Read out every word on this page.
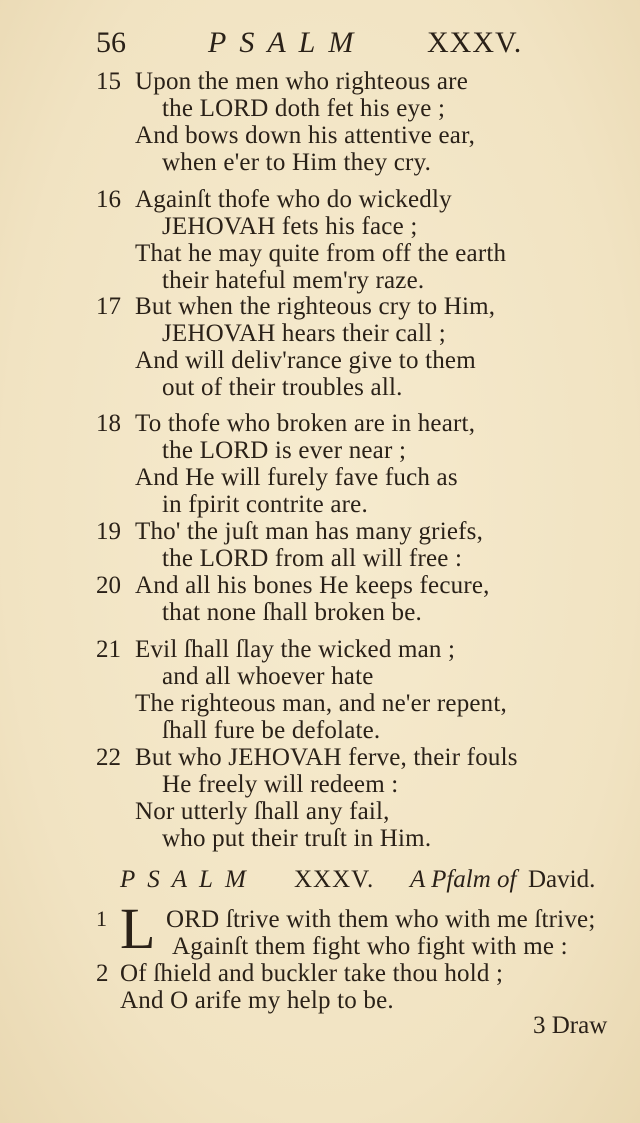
56	PSALM XXXV.
15 Upon the men who righteous are
the LORD doth fet his eye ;
And bows down his attentive ear,
when e'er to Him they cry.
16 Againſt thofe who do wickedly
JEHOVAH fets his face ;
That he may quite from off the earth
their hateful mem'ry raze.
17 But when the righteous cry to Him,
JEHOVAH hears their call ;
And will deliv'rance give to them
out of their troubles all.
18 To thofe who broken are in heart,
the LORD is ever near ;
And He will furely fave fuch as
in fpirit contrite are.
19 Tho' the juſt man has many griefs,
the LORD from all will free :
20 And all his bones He keeps fecure,
that none ſhall broken be.
21 Evil ſhall ſlay the wicked man ;
and all whoever hate
The righteous man, and ne'er repent,
ſhall fure be defolate.
22 But who JEHOVAH ferve, their fouls
He freely will redeem :
Nor utterly ſhall any fail,
who put their truſt in Him.
PSALM XXXV. A Pfalm of David.
1 L ORD ſtrive with them who with me ſtrive;
Againſt them fight who fight with me :
2 Of ſhield and buckler take thou hold ;
And O arife my help to be.
3 Draw
